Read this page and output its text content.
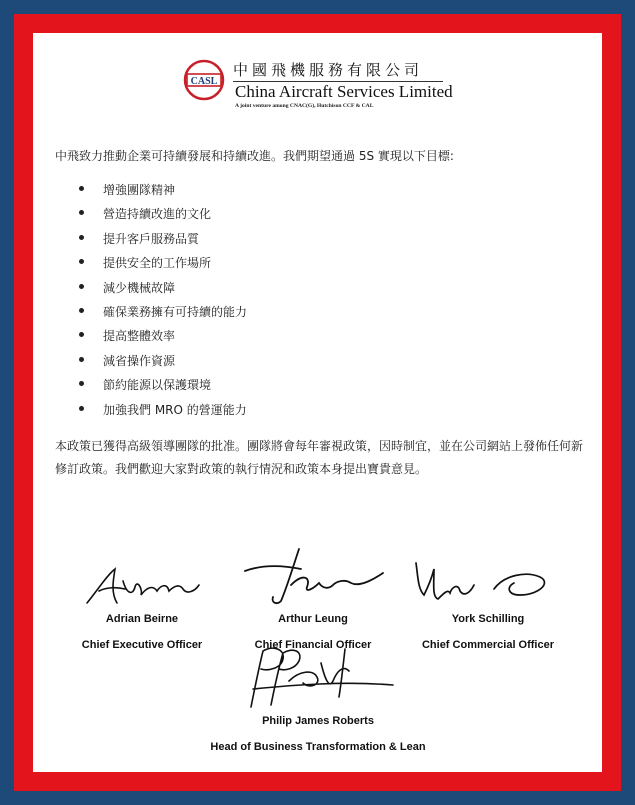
CASL
中國飛機服務有限公司
China Aircraft Services Limited
A joint venture among CNAC(G), Hutchison CCF & CAL
中飛致力推動企業可持續發展和持續改進。我們期望通過 5S 實現以下目標:
增強團隊精神
營造持續改進的文化
提升客戶服務品質
提供安全的工作場所
減少機械故障
確保業務擁有可持續的能力
提高整體效率
減省操作資源
節約能源以保護環境
加強我們 MRO 的營運能力
本政策已獲得高級領導團隊的批准。團隊將會每年審視政策，因時制宜，並在公司網站上發佈任何新修訂政策。我們歡迎大家對政策的執行情況和政策本身提出寶貴意見。
Adrian Beirne
Chief Executive Officer
Arthur Leung
Chief Financial Officer
York Schilling
Chief Commercial Officer
Philip James Roberts
Head of Business Transformation & Lean
